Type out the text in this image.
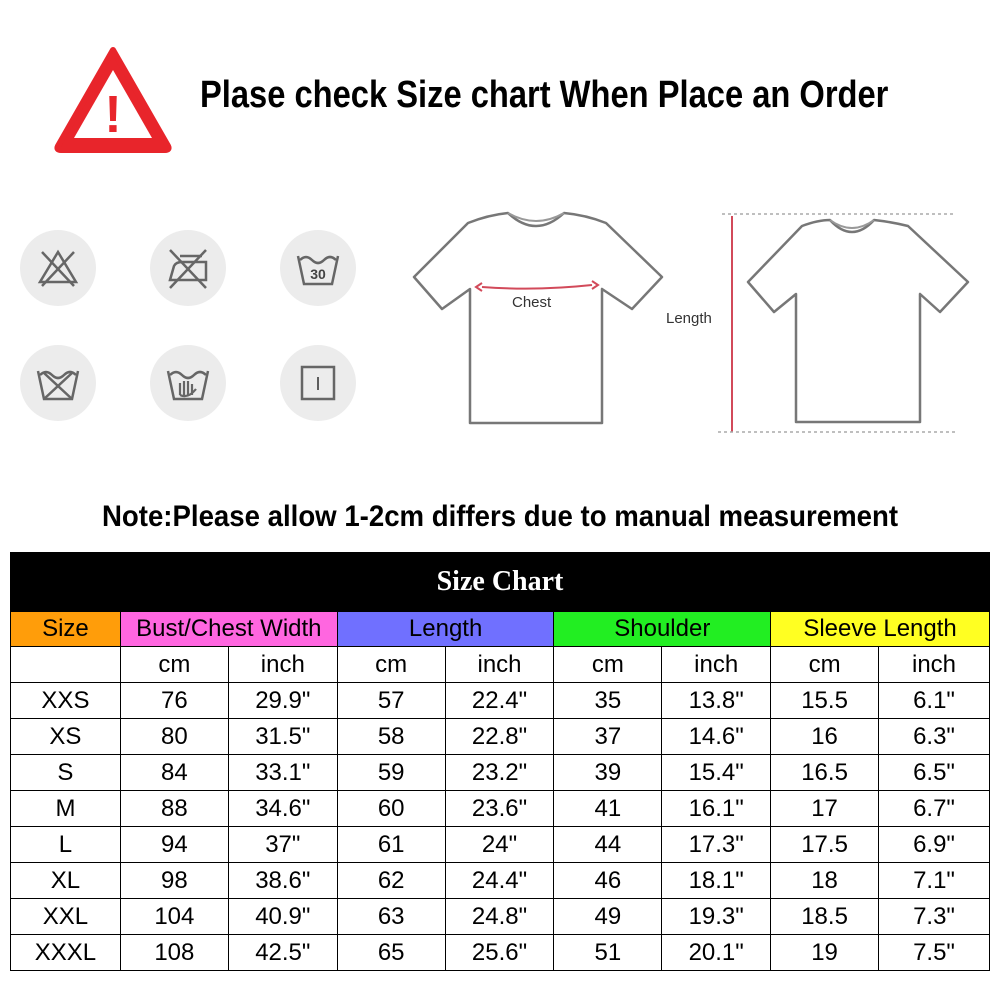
! Plase check Size chart When Place an Order
30
I
Chest
Length
Note:Please allow 1-2cm differs due to manual measurement
Size Chart								
Size	Bust/Chest Width		Length		Shoulder		Sleeve Length	
	cm	inch	cm	inch	cm	inch	cm	inch
XXS	76	29.9"	57	22.4"	35	13.8"	15.5	6.1"
XS	80	31.5"	58	22.8"	37	14.6"	16	6.3"
S	84	33.1"	59	23.2"	39	15.4"	16.5	6.5"
M	88	34.6"	60	23.6"	41	16.1"	17	6.7"
L	94	37"	61	24"	44	17.3"	17.5	6.9"
XL	98	38.6"	62	24.4"	46	18.1"	18	7.1"
XXL	104	40.9"	63	24.8"	49	19.3"	18.5	7.3"
XXXL	108	42.5"	65	25.6"	51	20.1"	19	7.5"
